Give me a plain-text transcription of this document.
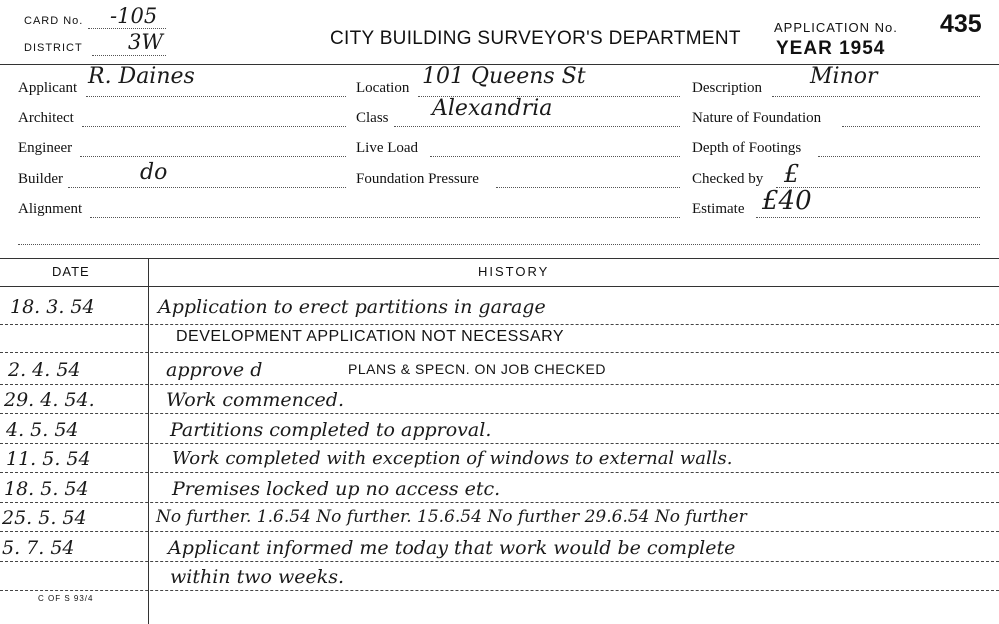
CARD No. -105
DISTRICT 3W	CITY BUILDING SURVEYOR'S DEPARTMENT
APPLICATION No. 435
YEAR 1954
Applicant R. Daines
Architect
Engineer
Builder	do
Alignment
Location 101 Queens St
Class Alexandria
Live Load
Foundation Pressure
Description Minor
Nature of Foundation
Depth of Footings
Checked by £
Estimate £40
DATE	HISTORY
18. 3. 54	Application to erect partitions in garage
DEVELOPMENT APPLICATION NOT NECESSARY
2. 4. 54	approve d	PLANS & SPECN. ON JOB CHECKED
29. 4. 54.	Work commenced.
4. 5. 54	Partitions completed to approval.
11. 5. 54	Work completed with exception of windows to external walls.
18. 5. 54	Premises locked up no access etc.
25. 5. 54	No further. 1.6.54 No further. 15.6.54 No further 29.6.54 No further
5. 7. 54	Applicant informed me today that work would be complete
within two weeks.
C OF S 93/4
